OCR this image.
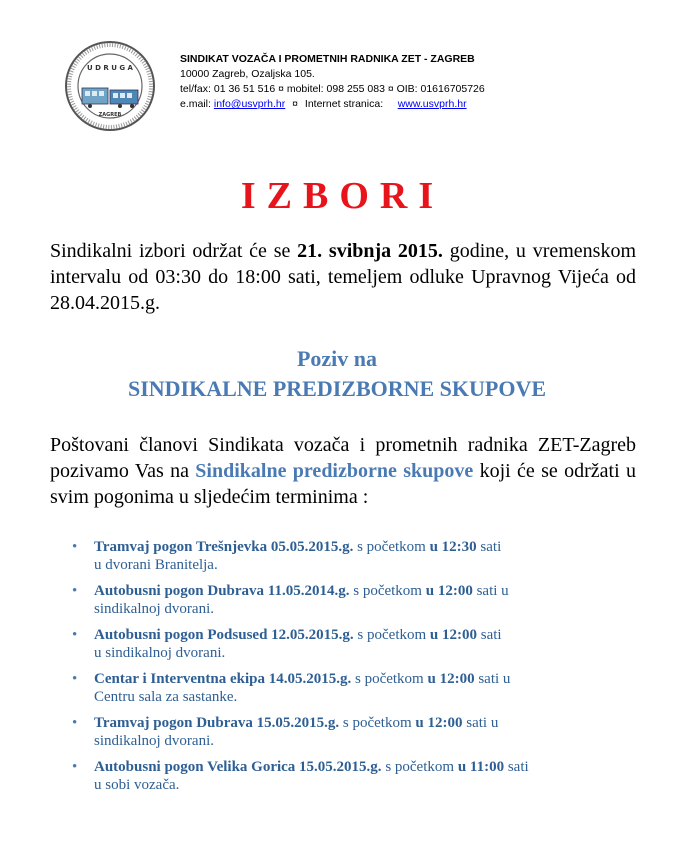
U D R U G A
ZAGREB
SINDIKAT VOZAČA I PROMETNIH RADNIKA ZET - ZAGREB
10000 Zagreb, Ozaljska 105.
tel/fax: 01 36 51 516 ¤ mobitel: 098 255 083 ¤ OIB: 01616705726
e.mail: info@usvprh.hr ¤ Internet stranica: www.usvprh.hr
IZBORI
Sindikalni izbori održat će se 21. svibnja 2015. godine, u vremenskom intervalu od 03:30 do 18:00 sati, temeljem odluke Upravnog Vijeća od 28.04.2015.g.
Poziv na
SINDIKALNE PREDIZBORNE SKUPOVE
Poštovani članovi Sindikata vozača i prometnih radnika ZET-Zagreb pozivamo Vas na Sindikalne predizborne skupove koji će se održati u svim pogonima u sljedećim terminima :
• Tramvaj pogon Trešnjevka 05.05.2015.g. s početkom u 12:30 sati
u dvorani Branitelja.
• Autobusni pogon Dubrava 11.05.2014.g. s početkom u 12:00 sati u
sindikalnoj dvorani.
• Autobusni pogon Podsused 12.05.2015.g. s početkom u 12:00 sati
u sindikalnoj dvorani.
• Centar i Interventna ekipa 14.05.2015.g. s početkom u 12:00 sati u
Centru sala za sastanke.
• Tramvaj pogon Dubrava 15.05.2015.g. s početkom u 12:00 sati u
sindikalnoj dvorani.
• Autobusni pogon Velika Gorica 15.05.2015.g. s početkom u 11:00 sati
u sobi vozača.
